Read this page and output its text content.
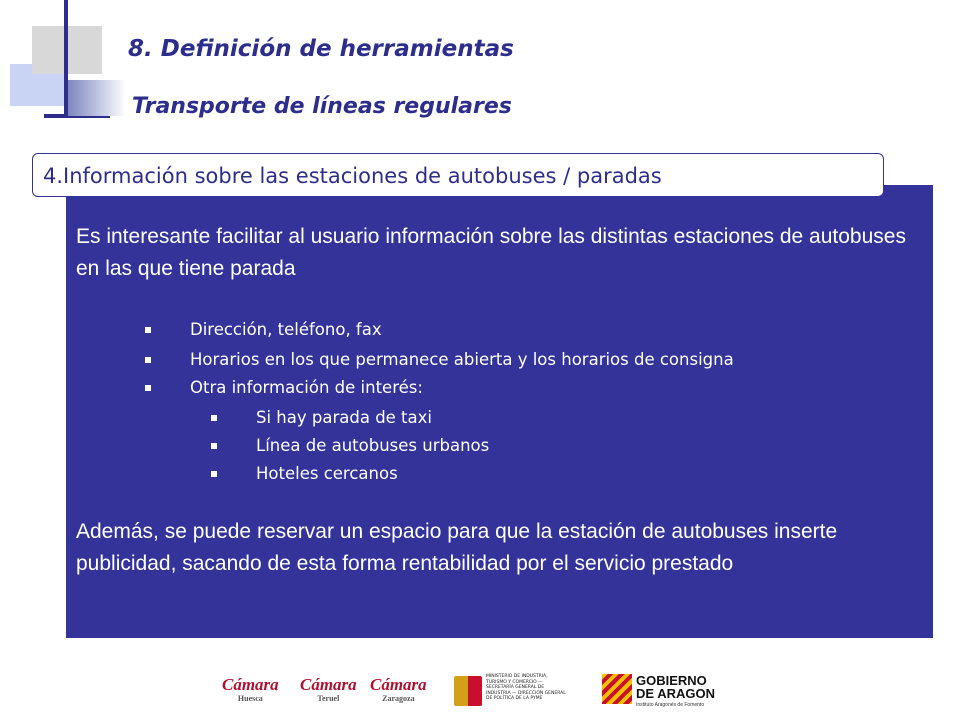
8. Definición de herramientas
Transporte de líneas regulares
4.Información sobre las estaciones de autobuses / paradas

Es interesante facilitar al usuario información sobre las distintas estaciones de autobuses en las que tiene parada

Dirección, teléfono, fax

Horarios en los que permanece abierta y los horarios de consigna

Otra información de interés:

Si hay parada de taxi

Línea de autobuses urbanos

Hoteles cercanos

Además, se puede reservar un espacio para que la estación de autobuses inserte publicidad, sacando de esta forma rentabilidad por el servicio prestado

Cámara
Huesca
Cámara
Teruel
Cámara
Zaragoza
MINISTERIO DE INDUSTRIA, TURISMO Y COMERCIO — SECRETARÍA GENERAL DE INDUSTRIA — DIRECCIÓN GENERAL DE POLÍTICA DE LA PYME
GOBIERNO DE ARAGON
Instituto Aragonés de Fomento
